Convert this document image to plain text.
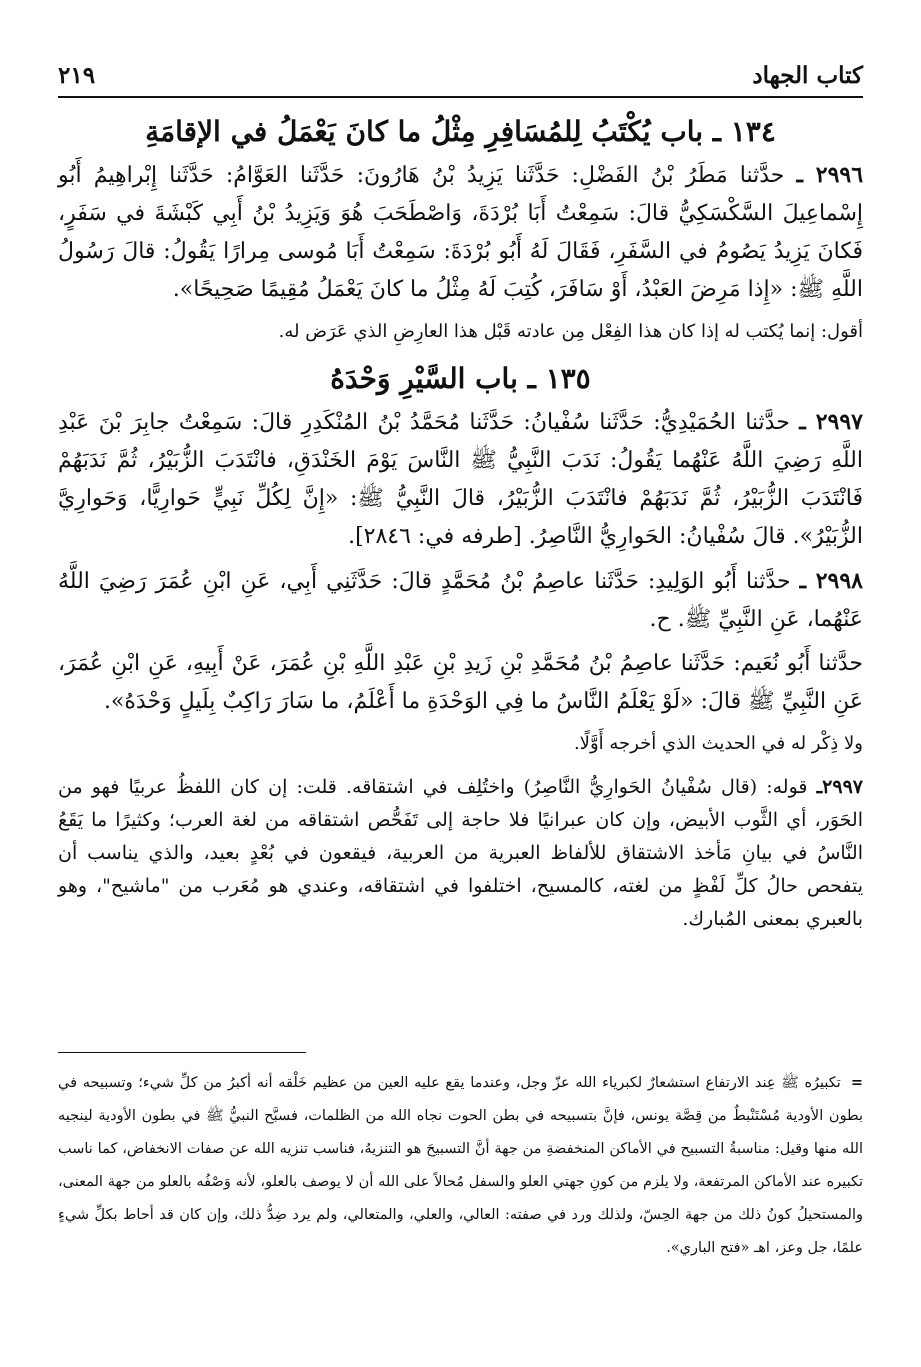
كتاب الجهاد
٢١٩
١٣٤ ـ باب يُكْتَبُ لِلمُسَافِرِ مِثْلُ ما كانَ يَعْمَلُ في الإقامَةِ

٢٩٩٦ ـ حدَّثنا مَطَرُ بْنُ الفَضْلِ: حَدَّثَنا يَزِيدُ بْنُ هَارُونَ: حَدَّثَنا العَوَّامُ: حَدَّثَنا إِبْراهِيمُ أَبُو إِسْماعِيلَ السَّكْسَكِيُّ قالَ: سَمِعْتُ أَبَا بُرْدَةَ، وَاصْطَحَبَ هُوَ وَيَزِيدُ بْنُ أَبِي كَبْشَةَ في سَفَرٍ، فَكانَ يَزِيدُ يَصُومُ في السَّفَرِ، فَقَالَ لَهُ أَبُو بُرْدَةَ: سَمِعْتُ أَبَا مُوسى مِرارًا يَقُولُ: قالَ رَسُولُ اللَّهِ ﷺ: «إِذا مَرِضَ العَبْدُ، أَوْ سَافَرَ، كُتِبَ لَهُ مِثْلُ ما كانَ يَعْمَلُ مُقِيمًا صَحِيحًا».

أقول: إنما يُكتب له إذا كان هذا الفِعْل مِن عادته قَبْل هذا العارِضِ الذي عَرَض له.

١٣٥ ـ باب السَّيْرِ وَحْدَهُ

٢٩٩٧ ـ حدَّثنا الحُمَيْدِيُّ: حَدَّثَنا سُفْيانُ: حَدَّثَنا مُحَمَّدُ بْنُ المُنْكَدِرِ قالَ: سَمِعْتُ جابِرَ بْنَ عَبْدِ اللَّهِ رَضِيَ اللَّهُ عَنْهُما يَقُولُ: نَدَبَ النَّبِيُّ ﷺ النَّاسَ يَوْمَ الخَنْدَقِ، فانْتَدَبَ الزُّبَيْرُ، ثُمَّ نَدَبَهُمْ فَانْتَدَبَ الزُّبَيْرُ، ثُمَّ نَدَبَهُمْ فانْتَدَبَ الزُّبَيْرُ، قالَ النَّبِيُّ ﷺ: «إِنَّ لِكُلِّ نَبِيٍّ حَوارِيًّا، وَحَوارِيَّ الزُّبَيْرُ». قالَ سُفْيانُ: الحَوارِيُّ النَّاصِرُ. [طرفه في: ٢٨٤٦].

٢٩٩٨ ـ حدَّثنا أَبُو الوَلِيدِ: حَدَّثَنا عاصِمُ بْنُ مُحَمَّدٍ قالَ: حَدَّثَنِي أَبِي، عَنِ ابْنِ عُمَرَ رَضِيَ اللَّهُ عَنْهُما، عَنِ النَّبِيِّ ﷺ. ح.

حدَّثنا أَبُو نُعَيم: حَدَّثَنا عاصِمُ بْنُ مُحَمَّدِ بْنِ زَيدِ بْنِ عَبْدِ اللَّهِ بْنِ عُمَرَ، عَنْ أَبِيهِ، عَنِ ابْنِ عُمَرَ، عَنِ النَّبِيِّ ﷺ قالَ: «لَوْ يَعْلَمُ النَّاسُ ما فِي الوَحْدَةِ ما أَعْلَمُ، ما سَارَ رَاكِبٌ بِلَيلٍ وَحْدَهُ».

ولا ذِكْر له في الحديث الذي أخرجه أَوَّلًا.

٢٩٩٧ـ قوله: (قال سُفْيانُ الحَوارِيُّ النَّاصِرُ) واختُلِف في اشتقاقه. قلت: إن كان اللفظُ عربيًا فهو من الحَوَر، أي الثَّوب الأبيض، وإن كان عبرانيًا فلا حاجة إلى تَفَحُّص اشتقاقه من لغة العرب؛ وكثيرًا ما يَقَعُ النَّاسُ في بيانِ مَأخذ الاشتقاق للألفاظ العبرية من العربية، فيقعون في بُعْدٍ بعيد، والذي يناسب أن يتفحص حالُ كلِّ لَفْظٍ من لغته، كالمسيح، اختلفوا في اشتقاقه، وعندي هو مُعَرب من "ماشيح"، وهو بالعبري بمعنى المُبارك.

=تكبيرُه ﷺ عِند الارتفاع استشعارٌ لكبرياء الله عزّ وجل، وعندما يقع عليه العين من عظيم خَلْقه أنه أكبرُ من كلِّ شيء؛ وتسبيحه في بطون الأودية مُسْتَنْبطٌ من قِصَّة يونس، فإنَّ بتسبيحه في بطن الحوت نجاه الله من الظلمات، فسبَّح النبيُّ ﷺ في بطون الأودية لينجيه الله منها وقيل: مناسبةُ التسبيح في الأماكن المنخفضةِ من جهة أنَّ التسبيحَ هو التنزيهُ، فناسب تنزيه الله عن صفات الانخفاض، كما ناسب تكبيره عند الأماكن المرتفعة، ولا يلزم من كونِ جهتي العلو والسفل مُحالاً على الله أن لا يوصف بالعلو، لأنه وَصْفُه بالعلو من جهة المعنى، والمستحيلُ كونُ ذلك من جهة الحِسّ، ولذلك ورد في صفته: العالي، والعلي، والمتعالي، ولم يرد ضِدُّ ذلك، وإن كان قد أحاط بكلِّ شيءٍ علمًا، جل وعز، اهـ «فتح الباري».
